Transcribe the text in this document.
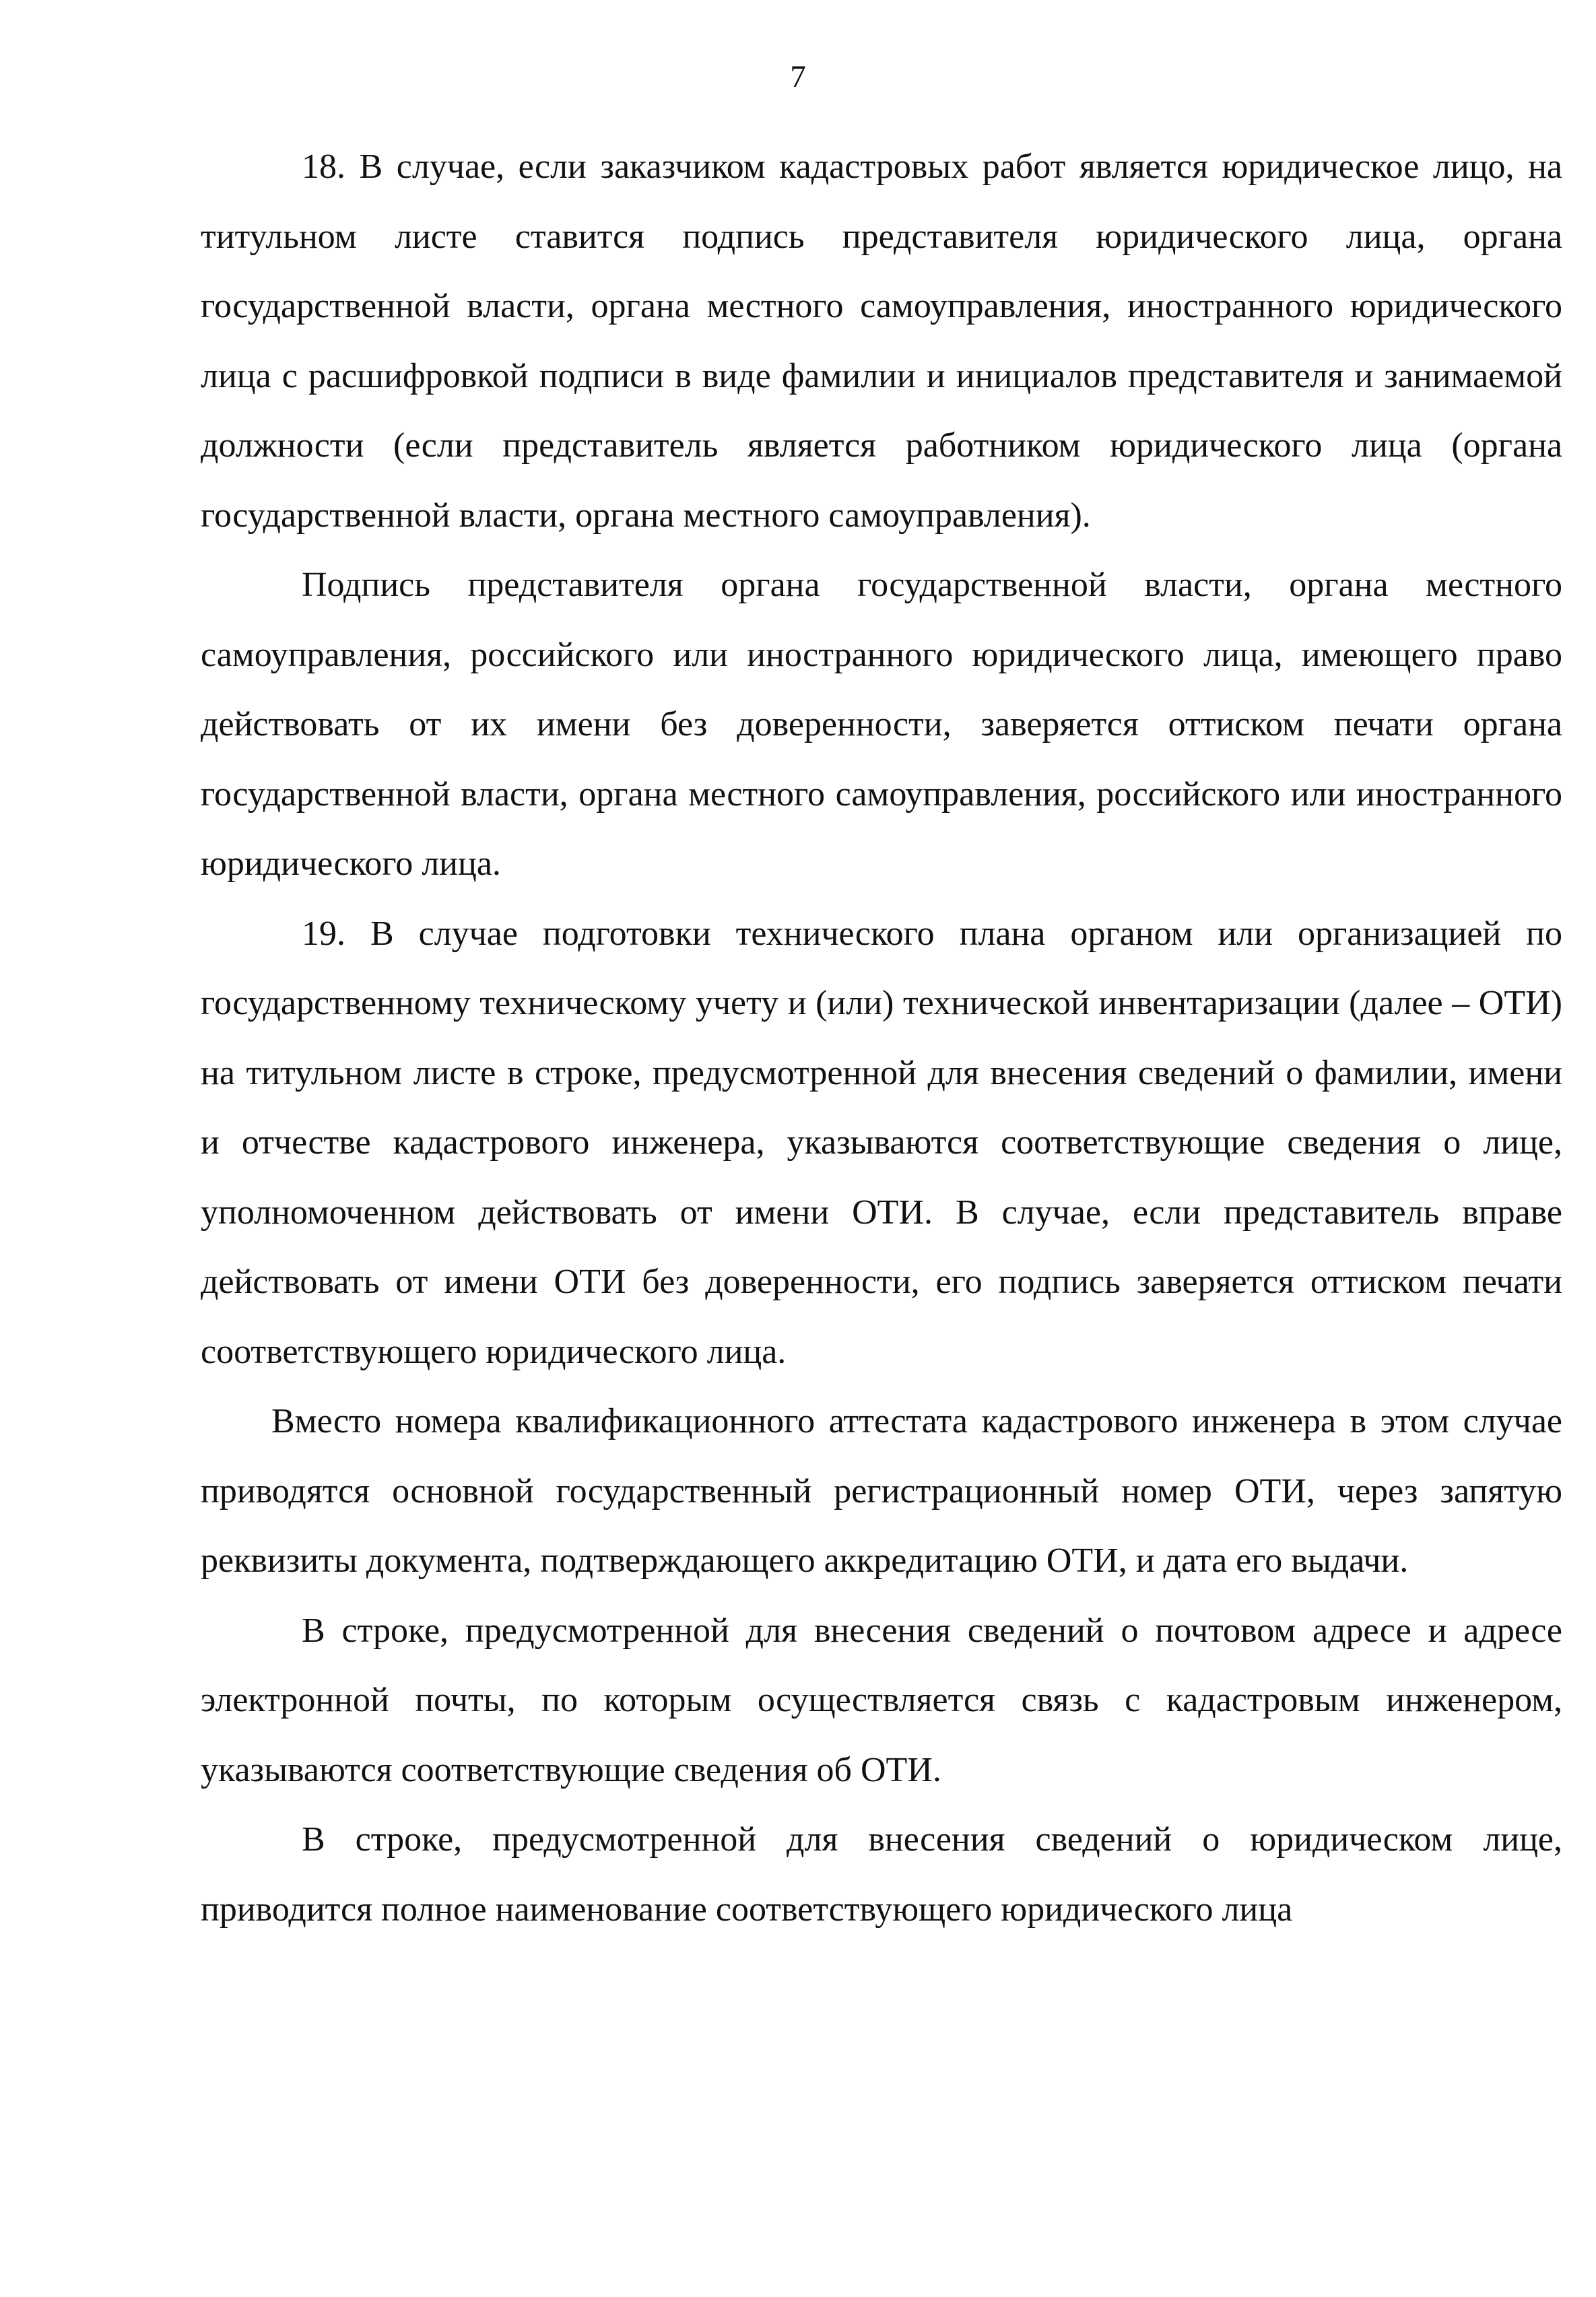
7

18. В случае, если заказчиком кадастровых работ является юридическое лицо, на титульном листе ставится подпись представителя юридического лица, органа государственной власти, органа местного самоуправления, иностранного юридического лица с расшифровкой подписи в виде фамилии и инициалов представителя и занимаемой должности (если представитель является работником юридического лица (органа государственной власти, органа местного самоуправления).

Подпись представителя органа государственной власти, органа местного самоуправления, российского или иностранного юридического лица, имеющего право действовать от их имени без доверенности, заверяется оттиском печати органа государственной власти, органа местного самоуправления, российского или иностранного юридического лица.

19. В случае подготовки технического плана органом или организацией по государственному техническому учету и (или) технической инвентаризации (далее – ОТИ) на титульном листе в строке, предусмотренной для внесения сведений о фамилии, имени и отчестве кадастрового инженера, указываются соответствующие сведения о лице, уполномоченном действовать от имени ОТИ. В случае, если представитель вправе действовать от имени ОТИ без доверенности, его подпись заверяется оттиском печати соответствующего юридического лица.

Вместо номера квалификационного аттестата кадастрового инженера в этом случае приводятся основной государственный регистрационный номер ОТИ, через запятую реквизиты документа, подтверждающего аккредитацию ОТИ, и дата его выдачи.

В строке, предусмотренной для внесения сведений о почтовом адресе и адресе электронной почты, по которым осуществляется связь с кадастровым инженером, указываются соответствующие сведения об ОТИ.

В строке, предусмотренной для внесения сведений о юридическом лице, приводится полное наименование соответствующего юридического лица
